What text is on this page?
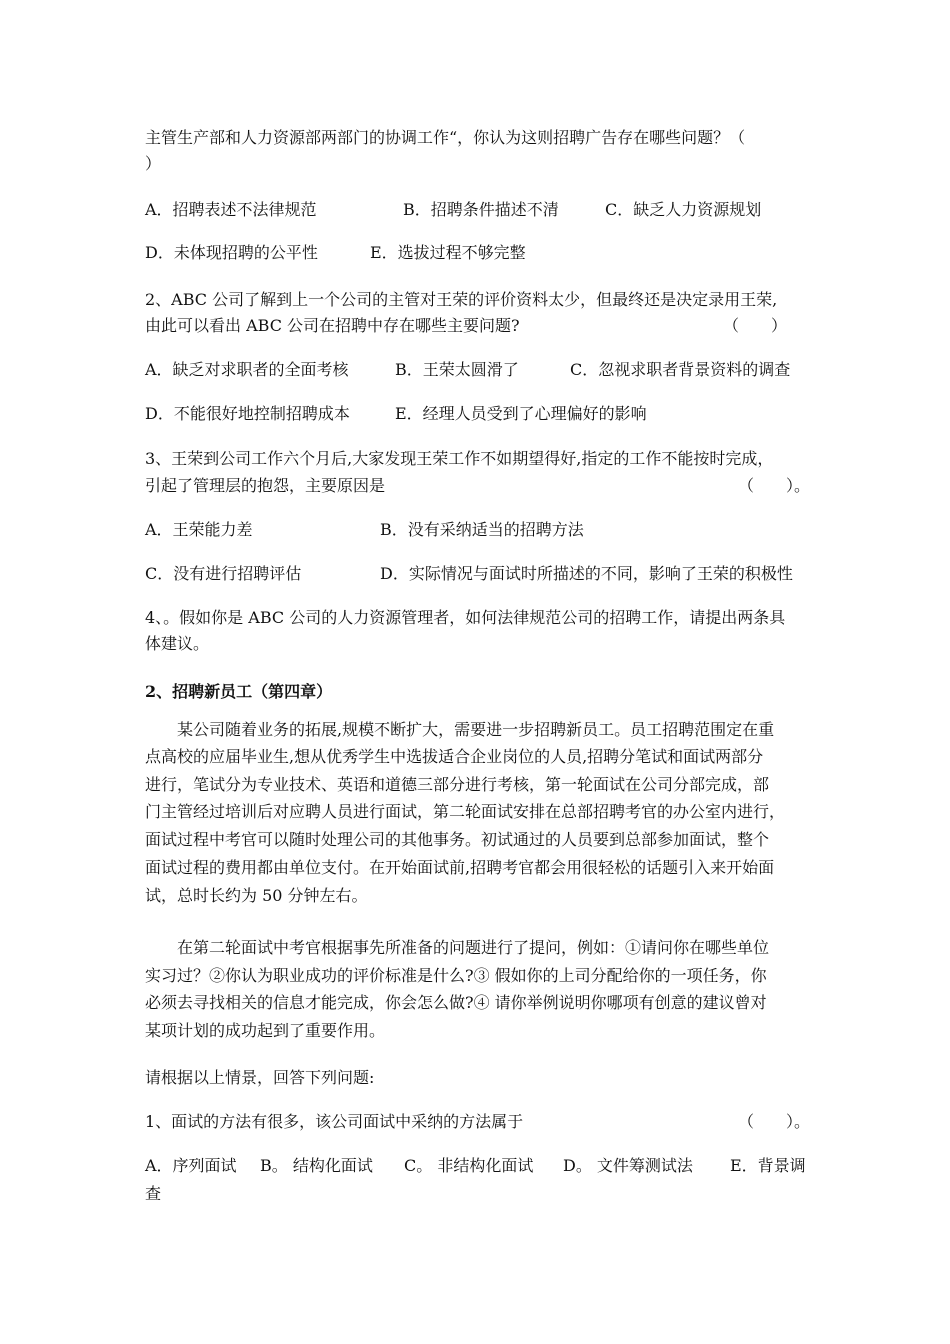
主管生产部和人力资源部两部门的协调工作“，你认为这则招聘广告存在哪些问题？（
）
A．招聘表述不法律规范	B．招聘条件描述不清	C．缺乏人力资源规划
D．未体现招聘的公平性	E．选拔过程不够完整
2、ABC 公司了解到上一个公司的主管对王荣的评价资料太少，但最终还是决定录用王荣,
由此可以看出 ABC 公司在招聘中存在哪些主要问题?	（　　）
A．缺乏对求职者的全面考核	B．王荣太圆滑了	C．忽视求职者背景资料的调查
D．不能很好地控制招聘成本	E．经理人员受到了心理偏好的影响
3、王荣到公司工作六个月后,大家发现王荣工作不如期望得好,指定的工作不能按时完成，
引起了管理层的抱怨，主要原因是	（　　）。
A．王荣能力差	B．没有采纳适当的招聘方法
C．没有进行招聘评估	D．实际情况与面试时所描述的不同，影响了王荣的积极性
4、。假如你是 ABC 公司的人力资源管理者，如何法律规范公司的招聘工作，请提出两条具
体建议。
2、招聘新员工（第四章）
　　某公司随着业务的拓展,规模不断扩大，需要进一步招聘新员工。员工招聘范围定在重
点高校的应届毕业生,想从优秀学生中选拔适合企业岗位的人员,招聘分笔试和面试两部分
进行，笔试分为专业技术、英语和道德三部分进行考核，第一轮面试在公司分部完成，部
门主管经过培训后对应聘人员进行面试，第二轮面试安排在总部招聘考官的办公室内进行，
面试过程中考官可以随时处理公司的其他事务。初试通过的人员要到总部参加面试，整个
面试过程的费用都由单位支付。在开始面试前,招聘考官都会用很轻松的话题引入来开始面
试，总时长约为 50 分钟左右。
　　在第二轮面试中考官根据事先所准备的问题进行了提问，例如：①请问你在哪些单位
实习过？②你认为职业成功的评价标准是什么?③ 假如你的上司分配给你的一项任务，你
必须去寻找相关的信息才能完成，你会怎么做?④ 请你举例说明你哪项有创意的建议曾对
某项计划的成功起到了重要作用。
请根据以上情景，回答下列问题:
1、面试的方法有很多，该公司面试中采纳的方法属于	（　　）。
A．序列面试 B。 结构化面试 C。 非结构化面试 D。 文件筹测试法 E．背景调
查
